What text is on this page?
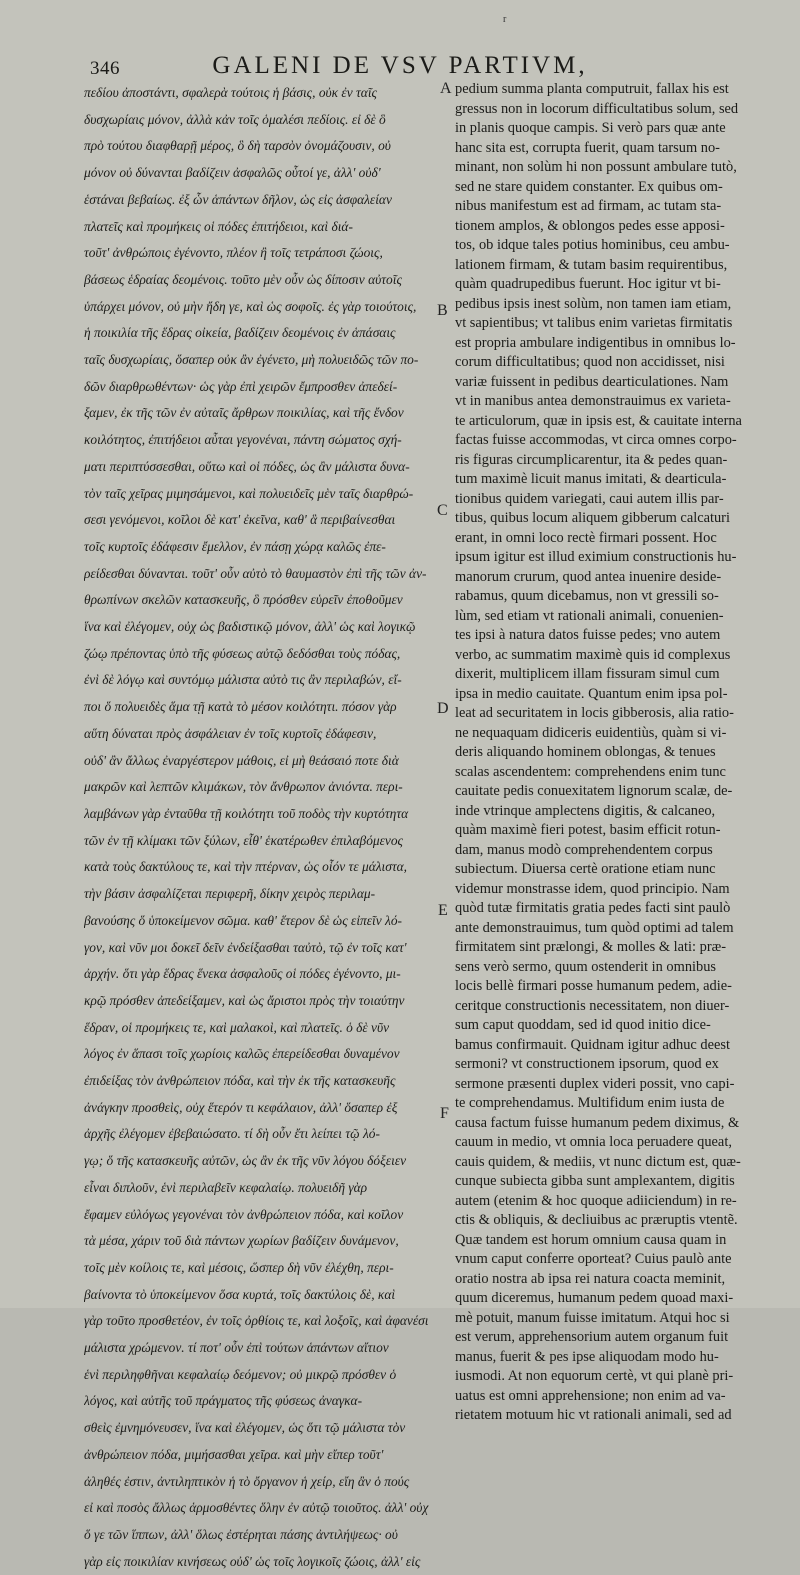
r
346	GALENI DE VSV PARTIVM,
πεδίου ἀποστάντι, σφαλερὰ τούτοις ἡ βάσις, οὐκ ἐν ταῖς
δυσχωρίαις μόνον, ἀλλὰ κἀν τοῖς ὁμαλέσι πεδίοις. εἰ δὲ ὃ
πρὸ τούτου διαφθαρῇ μέρος, ὃ δὴ ταρσὸν ὀνομάζουσιν, οὐ
μόνον οὐ δύνανται βαδίζειν ἀσφαλῶς οὗτοί γε, ἀλλ' οὐδ'
ἑστάναι βεβαίως. ἐξ ὧν ἁπάντων δῆλον, ὡς εἰς ἀσφαλείαν
πλατεῖς καὶ προμήκεις οἱ πόδες ἐπιτήδειοι, καὶ διά-
τοῦτ' ἀνθρώποις ἐγένοντο, πλέον ἢ τοῖς τετράποσι ζώοις,
βάσεως ἑδραίας δεομένοις. τοῦτο μὲν οὖν ὡς δίποσιν αὐτοῖς
ὑπάρχει μόνον, οὐ μὴν ἤδη γε, καὶ ὡς σοφοῖς. ἐς γὰρ τοιούτοις,
ἡ ποικιλία τῆς ἕδρας οἰκεία, βαδίζειν δεομένοις ἐν ἁπάσαις
ταῖς δυσχωρίαις, ὅσαπερ οὐκ ἂν ἐγένετο, μὴ πολυειδῶς τῶν πο-
δῶν διαρθρωθέντων· ὡς γὰρ ἐπὶ χειρῶν ἔμπροσθεν ἀπεδεί-
ξαμεν, ἐκ τῆς τῶν ἐν αὐταῖς ἄρθρων ποικιλίας, καὶ τῆς ἔνδον
κοιλότητος, ἐπιτήδειοι αὗται γεγονέναι, πάντη σώματος σχή-
ματι περιπτύσσεσθαι, οὕτω καὶ οἱ πόδες, ὡς ἂν μάλιστα δυνα-
τὸν ταῖς χεῖρας μιμησάμενοι, καὶ πολυειδεῖς μὲν ταῖς διαρθρώ-
σεσι γενόμενοι, κοῖλοι δὲ κατ' ἐκεῖνα, καθ' ἃ περιβαίνεσθαι
τοῖς κυρτοῖς ἐδάφεσιν ἔμελλον, ἐν πάσῃ χώρᾳ καλῶς ἐπε-
ρείδεσθαι δύνανται. τοῦτ' οὖν αὐτὸ τὸ θαυμαστὸν ἐπὶ τῆς τῶν ἀν-
θρωπίνων σκελῶν κατασκευῆς, ὃ πρόσθεν εὑρεῖν ἐποθοῦμεν
ἵνα καὶ ἐλέγομεν, οὐχ ὡς βαδιστικῷ μόνον, ἀλλ' ὡς καὶ λογικῷ
ζώῳ πρέποντας ὑπὸ τῆς φύσεως αὐτῷ δεδόσθαι τοὺς πόδας,
ἐνὶ δὲ λόγῳ καὶ συντόμῳ μάλιστα αὐτὸ τις ἂν περιλαβών, εἴ-
ποι ὅ πολυειδὲς ἅμα τῇ κατὰ τὸ μέσον κοιλότητι. πόσον γὰρ
αὕτη δύναται πρὸς ἀσφάλειαν ἐν τοῖς κυρτοῖς ἐδάφεσιν,
οὐδ' ἂν ἄλλως ἐναργέστερον μάθοις, εἰ μὴ θεάσαιό ποτε διὰ
μακρῶν καὶ λεπτῶν κλιμάκων, τὸν ἄνθρωπον ἀνιόντα. περι-
λαμβάνων γὰρ ἐνταῦθα τῇ κοιλότητι τοῦ ποδὸς τὴν κυρτότητα
τῶν ἐν τῇ κλίμακι τῶν ξύλων, εἶθ' ἑκατέρωθεν ἐπιλαβόμενος
κατὰ τοὺς δακτύλους τε, καὶ τὴν πτέρναν, ὡς οἷόν τε μάλιστα,
τὴν βάσιν ἀσφαλίζεται περιφερῆ, δίκην χειρὸς περιλαμ-
βανούσης ὅ ὑποκείμενον σῶμα. καθ' ἕτερον δὲ ὡς εἰπεῖν λό-
γον, καὶ νῦν μοι δοκεῖ δεῖν ἐνδείξασθαι ταὐτὸ, τῷ ἐν τοῖς κατ'
ἀρχήν. ὅτι γὰρ ἕδρας ἕνεκα ἀσφαλοῦς οἱ πόδες ἐγένοντο, μι-
κρῷ πρόσθεν ἀπεδείξαμεν, καὶ ὡς ἄριστοι πρὸς τὴν τοιαύτην
ἕδραν, οἱ προμήκεις τε, καὶ μαλακοὶ, καὶ πλατεῖς. ὁ δὲ νῦν
λόγος ἐν ἅπασι τοῖς χωρίοις καλῶς ἐπερείδεσθαι δυναμένον
ἐπιδείξας τὸν ἀνθρώπειον πόδα, καὶ τὴν ἐκ τῆς κατασκευῆς
ἀνάγκην προσθεὶς, οὐχ ἕτερόν τι κεφάλαιον, ἀλλ' ὅσαπερ ἐξ
ἀρχῆς ἐλέγομεν ἐβεβαιώσατο. τί δὴ οὖν ἔτι λείπει τῷ λό-
γῳ; ὅ τῆς κατασκευῆς αὐτῶν, ὡς ἂν ἐκ τῆς νῦν λόγου δόξειεν
εἶναι διπλοῦν, ἑνὶ περιλαβεῖν κεφαλαίῳ. πολυειδῆ γὰρ
ἔφαμεν εὐλόγως γεγονέναι τὸν ἀνθρώπειον πόδα, καὶ κοῖλον
τὰ μέσα, χάριν τοῦ διὰ πάντων χωρίων βαδίζειν δυνάμενον,
τοῖς μὲν κοίλοις τε, καὶ μέσοις, ὥσπερ δὴ νῦν ἐλέχθη, περι-
βαίνοντα τὸ ὑποκείμενον ὅσα κυρτά, τοῖς δακτύλοις δὲ, καὶ
γὰρ τοῦτο προσθετέον, ἐν τοῖς ὀρθίοις τε, καὶ λοξοῖς, καὶ ἀφανέσι
μάλιστα χρώμενον. τί ποτ' οὖν ἐπὶ τούτων ἁπάντων αἴτιον
ἑνὶ περιληφθῆναι κεφαλαίῳ δεόμενον; οὐ μικρῷ πρόσθεν ὁ
λόγος, καὶ αὐτῆς τοῦ πράγματος τῆς φύσεως ἀναγκα-
σθεὶς ἐμνημόνευσεν, ἵνα καὶ ἐλέγομεν, ὡς ὅτι τῷ μάλιστα τὸν
ἀνθρώπειον πόδα, μιμήσασθαι χεῖρα. καὶ μὴν εἴπερ τοῦτ'
ἀληθές ἐστιν, ἀντιληπτικὸν ἡ τὸ ὄργανον ἡ χείρ, εἴη ἂν ὁ πούς
εἰ καὶ ποσὸς ἄλλως ἁρμοσθέντες ὅλην ἐν αὐτῷ τοιοῦτος. ἀλλ' οὐχ
ὅ γε τῶν ἵππων, ἀλλ' ὅλως ἐστέρηται πάσης ἀντιλήψεως· οὐ
γὰρ εἰς ποικιλίαν κινήσεως οὐδ' ὡς τοῖς λογικοῖς ζώοις, ἀλλ' εἰς
pedium summa planta computruit, fallax his est
gressus non in locorum difficultatibus solum, sed
in planis quoque campis. Si verò pars quæ ante
hanc sita est, corrupta fuerit, quam tarsum no-
minant, non solùm hi non possunt ambulare tutò,
sed ne stare quidem constanter. Ex quibus om-
nibus manifestum est ad firmam, ac tutam sta-
tionem amplos, & oblongos pedes esse apposi-
tos, ob idque tales potius hominibus, ceu ambu-
lationem firmam, & tutam basim requirentibus,
quàm quadrupedibus fuerunt. Hoc igitur vt bi-
pedibus ipsis inest solùm, non tamen iam etiam,
vt sapientibus; vt talibus enim varietas firmitatis
est propria ambulare indigentibus in omnibus lo-
corum difficultatibus; quod non accidisset, nisi
variæ fuissent in pedibus dearticulationes. Nam
vt in manibus antea demonstrauimus ex varieta-
te articulorum, quæ in ipsis est, & cauitate interna
factas fuisse accommodas, vt circa omnes corpo-
ris figuras circumplicarentur, ita & pedes quan-
tum maximè licuit manus imitati, & dearticula-
tionibus quidem variegati, caui autem illis par-
tibus, quibus locum aliquem gibberum calcaturi
erant, in omni loco rectè firmari possent. Hoc
ipsum igitur est illud eximium constructionis hu-
manorum crurum, quod antea inuenire deside-
rabamus, quum dicebamus, non vt gressili so-
lùm, sed etiam vt rationali animali, conuenien-
tes ipsi à natura datos fuisse pedes; vno autem
verbo, ac summatim maximè quis id complexus
dixerit, multiplicem illam fissuram simul cum
ipsa in medio cauitate. Quantum enim ipsa pol-
leat ad securitatem in locis gibberosis, alia ratio-
ne nequaquam didiceris euidentiùs, quàm si vi-
deris aliquando hominem oblongas, & tenues
scalas ascendentem: comprehendens enim tunc
cauitate pedis conuexitatem lignorum scalæ, de-
inde vtrinque amplectens digitis, & calcaneo,
quàm maximè fieri potest, basim efficit rotun-
dam, manus modò comprehendentem corpus
subiectum. Diuersa certè oratione etiam nunc
videmur monstrasse idem, quod principio. Nam
quòd tutæ firmitatis gratia pedes facti sint paulò
ante demonstrauimus, tum quòd optimi ad talem
firmitatem sint prælongi, & molles & lati: præ-
sens verò sermo, quum ostenderit in omnibus
locis bellè firmari posse humanum pedem, adie-
ceritque constructionis necessitatem, non diuer-
sum caput quoddam, sed id quod initio dice-
bamus confirmauit. Quidnam igitur adhuc deest
sermoni? vt constructionem ipsorum, quod ex
sermone præsenti duplex videri possit, vno capi-
te comprehendamus. Multifidum enim iusta de
causa factum fuisse humanum pedem diximus, &
cauum in medio, vt omnia loca peruadere queat,
cauis quidem, & mediis, vt nunc dictum est, quæ-
cunque subiecta gibba sunt amplexantem, digitis
autem (etenim & hoc quoque adiiciendum) in re-
ctis & obliquis, & decliuibus ac præruptis vtentẽ.
Quæ tandem est horum omnium causa quam in
vnum caput conferre oporteat? Cuius paulò ante
oratio nostra ab ipsa rei natura coacta meminit,
quum diceremus, humanum pedem quoad maxi-
mè potuit, manum fuisse imitatum. Atqui hoc si
est verum, apprehensorium autem organum fuit
manus, fuerit & pes ipse aliquodam modo hu-
iusmodi. At non equorum certè, vt qui planè pri-
uatus est omni apprehensione; non enim ad va-
rietatem motuum hic vt rationali animali, sed ad
A
B
C
D
E
F
